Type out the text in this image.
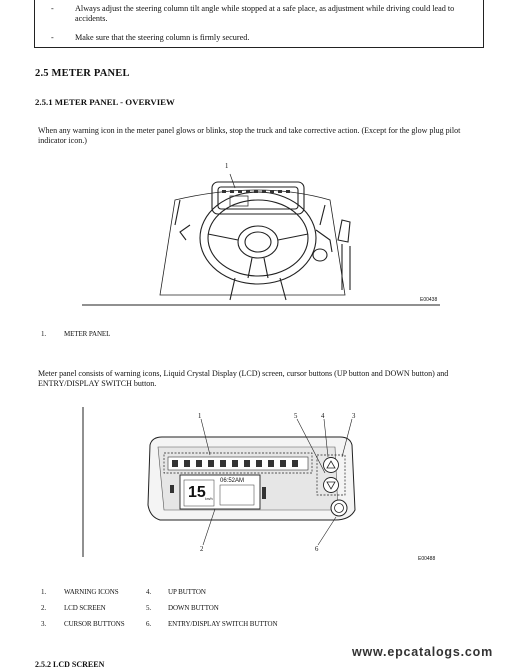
-	Always adjust the steering column tilt angle while stopped at a safe place, as adjustment while driving could lead to accidents.
-	Make sure that the steering column is firmly secured.
2.5 METER PANEL
2.5.1 METER PANEL - OVERVIEW
When any warning icon in the meter panel glows or blinks, stop the truck and take corrective action. (Except for the glow plug pilot indicator icon.)
1
E00438
1.	METER PANEL
Meter panel consists of warning icons, Liquid Crystal Display (LCD) screen, cursor buttons (UP button and DOWN button) and ENTRY/DISPLAY SWITCH button.
15
06:52AM
km/h
1
2
3
4
5
6
E00488
1.	WARNING ICONS	4. UP BUTTON
2.	LCD SCREEN	5. DOWN BUTTON
3.	CURSOR BUTTONS	6. ENTRY/DISPLAY SWITCH BUTTON
2.5.2 LCD SCREEN
www.epcatalogs.com
